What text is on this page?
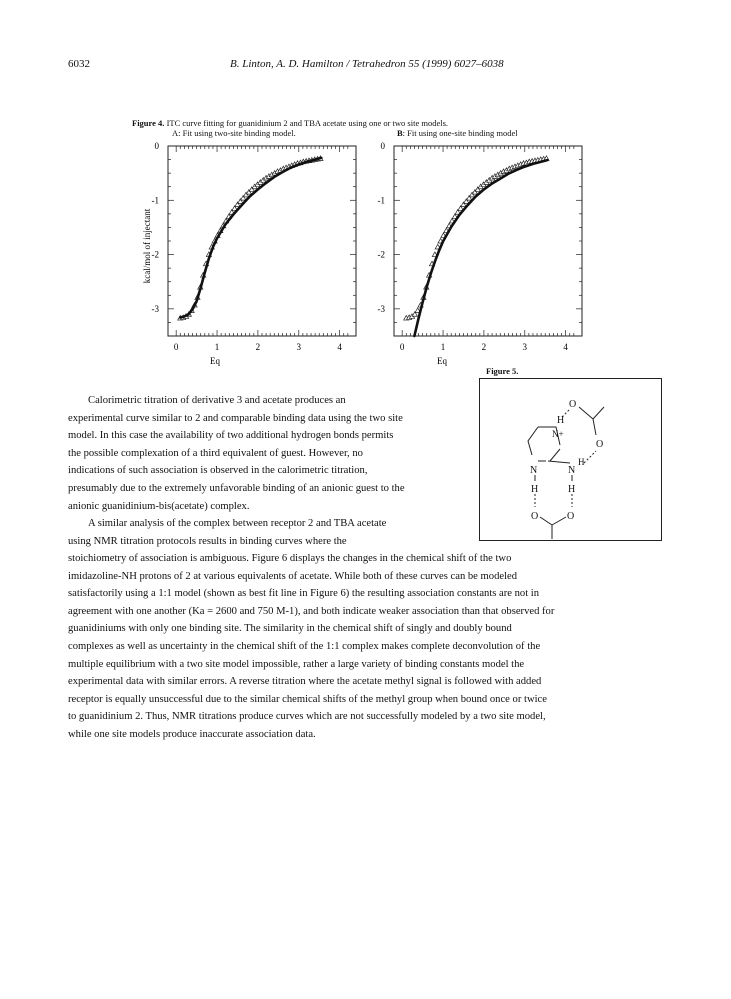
6032	B. Linton, A. D. Hamilton / Tetrahedron 55 (1999) 6027–6038
Figure 4. ITC curve fitting for guanidinium 2 and TBA acetate using one or two site models.
A: Fit using two-site binding model.	B: Fit using one-site binding model
kcal/mol of injectant
0	1	2	3	4
0
-1
-2
-3
0	1	2	3	4
0
-1
-2
-3
Eq	Eq

Calorimetric titration of derivative 3 and acetate produces an

experimental curve similar to 2 and comparable binding data using the two site

model. In this case the availability of two additional hydrogen bonds permits

the possible complexation of a third equivalent of guest. However, no

indications of such association is observed in the calorimetric titration,

presumably due to the extremely unfavorable binding of an anionic guest to the

anionic guanidinium-bis(acetate) complex.

A similar analysis of the complex between receptor 2 and TBA acetate

using NMR titration protocols results in binding curves where the

stoichiometry of association is ambiguous. Figure 6 displays the changes in the chemical shift of the two

imidazoline-NH protons of 2 at various equivalents of acetate. While both of these curves can be modeled

satisfactorily using a 1:1 model (shown as best fit line in Figure 6) the resulting association constants are not in

agreement with one another (Ka = 2600 and 750 M-1), and both indicate weaker association than that observed for

guanidiniums with only one binding site. The similarity in the chemical shift of singly and doubly bound

complexes as well as uncertainty in the chemical shift of the 1:1 complex makes complete deconvolution of the

multiple equilibrium with a two site model impossible, rather a large variety of binding constants model the

experimental data with similar errors. A reverse titration where the acetate methyl signal is followed with added

receptor is equally unsuccessful due to the similar chemical shifts of the methyl group when bound once or twice

to guanidinium 2. Thus, NMR titrations produce curves which are not successfully modeled by a two site model,

while one site models produce inaccurate association data.

Figure 5.
O
H
N+
O
N	N
H
H	H
O	O
